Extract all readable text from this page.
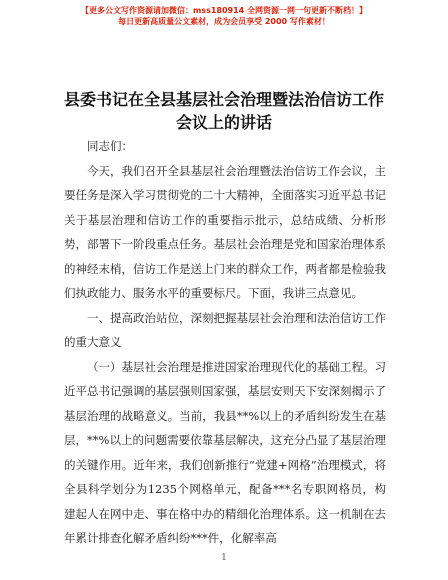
【更多公文写作资源请加微信：mss180914 全网资源一网一句更新不断档！】
每日更新高质量公文素材，成为会员享受 2000 写作素材！
县委书记在全县基层社会治理暨法治信访工作
会议上的讲话

同志们：

今天，我们召开全县基层社会治理暨法治信访工作会议，主要任务是深入学习贯彻党的二十大精神，全面落实习近平总书记关于基层治理和信访工作的重要指示批示，总结成绩、分析形势，部署下一阶段重点任务。基层社会治理是党和国家治理体系的神经末梢，信访工作是送上门来的群众工作，两者都是检验我们执政能力、服务水平的重要标尺。下面，我讲三点意见。

一、提高政治站位，深刻把握基层社会治理和法治信访工作的重大意义

（一）基层社会治理是推进国家治理现代化的基础工程。习近平总书记强调的基层强则国家强，基层安则天下安深刻揭示了基层治理的战略意义。当前，我县**%以上的矛盾纠纷发生在基层，**%以上的问题需要依靠基层解决，这充分凸显了基层治理的关键作用。近年来，我们创新推行“党建+网格”治理模式，将全县科学划分为1235个网格单元，配备***名专职网格员，构建起人在网中走、事在格中办的精细化治理体系。这一机制在去年累计排查化解矛盾纠纷***件，化解率高

1
